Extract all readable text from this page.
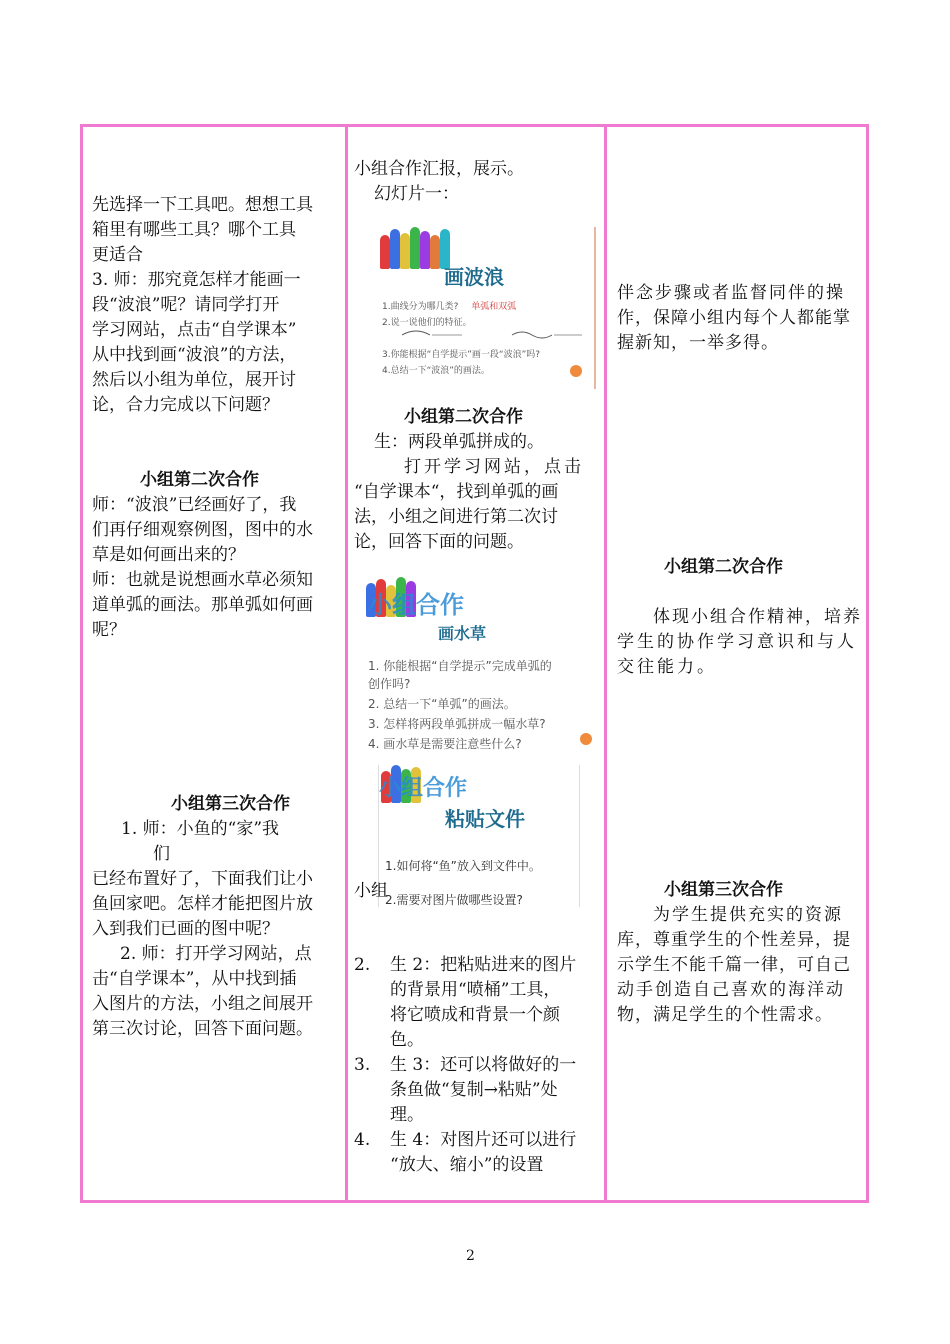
先选择一下工具吧。想想工具
箱里有哪些工具？哪个工具
更适合
3. 师：那究竟怎样才能画一
段“波浪”呢？请同学打开
学习网站，点击“自学课本”
从中找到画“波浪”的方法，
然后以小组为单位，展开讨
论，合力完成以下问题？
小组第二次合作
师：“波浪”已经画好了，我
们再仔细观察例图，图中的水
草是如何画出来的？
师：也就是说想画水草必须知
道单弧的画法。那单弧如何画
呢？
小组第三次合作
1. 师：小鱼的“家”我
们
已经布置好了，下面我们让小
鱼回家吧。怎样才能把图片放
入到我们已画的图中呢？
2. 师：打开学习网站，点
击“自学课本”，从中找到插
入图片的方法，小组之间展开
第三次讨论，回答下面问题。
小组合作汇报，展示。
幻灯片一：
画波浪
1.曲线分为哪几类? 单弧和双弧
2.说一说他们的特征。
3.你能根据“自学提示”画一段“波浪”吗?
4.总结一下“波浪”的画法。
小组第二次合作
生：两段单弧拼成的。
打开学习网站，点击
“自学课本“，找到单弧的画
法，小组之间进行第二次讨
论，回答下面的问题。
小组合作
画水草
1. 你能根据“自学提示”完成单弧的
创作吗?
2. 总结一下“单弧”的画法。
3. 怎样将两段单弧拼成一幅水草?
4. 画水草是需要注意些什么?
小组合作
粘贴文件
1.如何将“鱼”放入到文件中。
2.需要对图片做哪些设置?
小组
2. 生 2：把粘贴进来的图片
的背景用“喷桶”工具，
将它喷成和背景一个颜
色。
3. 生 3：还可以将做好的一
条鱼做“复制→粘贴”处
理。
4. 生 4：对图片还可以进行
“放大、缩小”的设置
伴念步骤或者监督同伴的操
作，保障小组内每个人都能掌
握新知，一举多得。
小组第二次合作
体现小组合作精神，培养
学生的协作学习意识和与人
交往能力。
小组第三次合作
为学生提供充实的资源
库，尊重学生的个性差异，提
示学生不能千篇一律，可自己
动手创造自己喜欢的海洋动
物，满足学生的个性需求。
2
